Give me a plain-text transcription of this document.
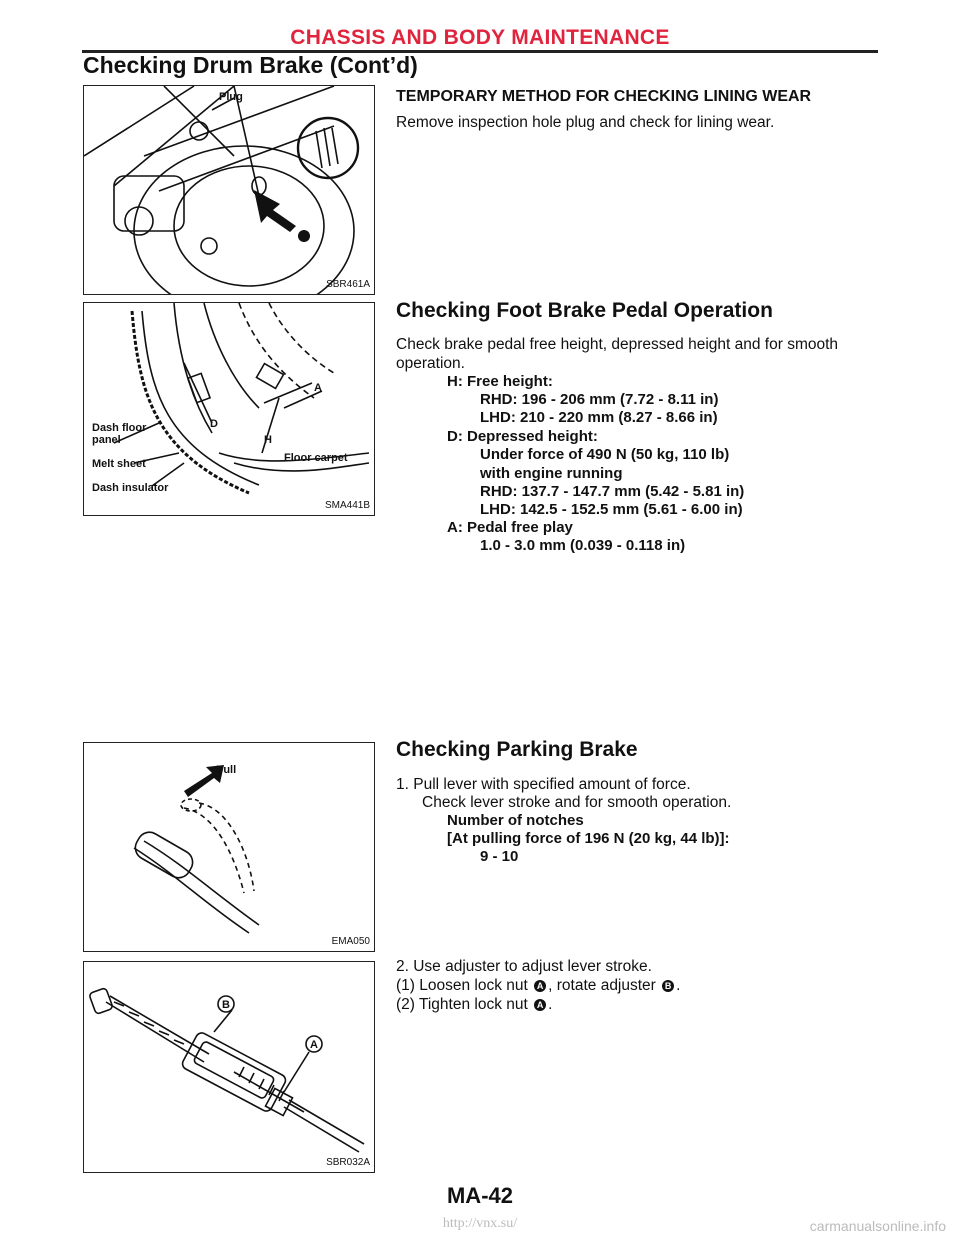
CHASSIS AND BODY MAINTENANCE
Checking Drum Brake (Cont’d)
Plug
SBR461A
TEMPORARY METHOD FOR CHECKING LINING WEAR
Remove inspection hole plug and check for lining wear.
Dash floor
panel
Melt sheet
Dash insulator
Floor carpet
A
D
H
SMA441B
Checking Foot Brake Pedal Operation
Check brake pedal free height, depressed height and for smooth operation.
H: Free height:
RHD: 196 - 206 mm (7.72 - 8.11 in)
LHD: 210 - 220 mm (8.27 - 8.66 in)
D: Depressed height:
Under force of 490 N (50 kg, 110 lb)
with engine running
RHD: 137.7 - 147.7 mm (5.42 - 5.81 in)
LHD: 142.5 - 152.5 mm (5.61 - 6.00 in)
A: Pedal free play
1.0 - 3.0 mm (0.039 - 0.118 in)
Pull
EMA050
Checking Parking Brake
1. Pull lever with specified amount of force.
Check lever stroke and for smooth operation.
Number of notches
[At pulling force of 196 N (20 kg, 44 lb)]:
9 - 10
2. Use adjuster to adjust lever stroke.
(1) Loosen lock nut A , rotate adjuster B .
(2) Tighten lock nut A .
B
A
SBR032A
MA-42
http://vnx.su/	carmanualsonline.info
